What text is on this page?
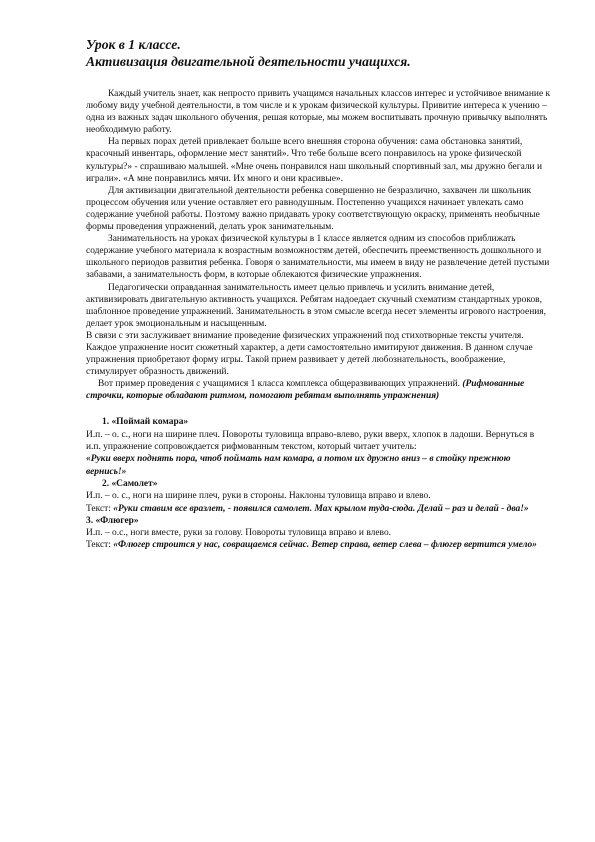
Урок в 1 классе.
Активизация двигательной деятельности учащихся.

Каждый учитель знает, как непросто привить учащимся начальных классов интерес и устойчивое внимание к любому виду учебной деятельности, в том числе и к урокам физической культуры. Привитие интереса к учению – одна из важных задач школьного обучения, решая которые, мы можем воспитывать прочную привычку выполнять необходимую работу.

На первых порах детей привлекает больше всего внешняя сторона обучения: сама обстановка занятий, красочный инвентарь, оформление мест занятий». Что тебе больше всего понравилось на уроке физической культуры?» - спрашиваю малышей. «Мне очень понравился наш школьный спортивный зал, мы дружно бегали и играли». «А мне понравились мячи. Их много и они красивые».

Для активизации двигательной деятельности ребенка совершенно не безразлично, захвачен ли школьник процессом обучения или учение оставляет его равнодушным. Постепенно учащихся начинает увлекать само содержание учебной работы. Поэтому важно придавать уроку соответствующую окраску, применять необычные формы проведения упражнений, делать урок занимательным.

Занимательность на уроках физической культуры в 1 классе является одним из способов приближать содержание учебного материала к возрастным возможностям детей, обеспечить преемственность дошкольного и школьного периодов развития ребенка. Говоря о занимательности, мы имеем в виду не развлечение детей пустыми забавами, а занимательность форм, в которые облекаются физические упражнения.

Педагогически оправданная занимательность имеет целью привлечь и усилить внимание детей, активизировать двигательную активность учащихся. Ребятам надоедает скучный схематизм стандартных уроков, шаблонное проведение упражнений. Занимательность в этом смысле всегда несет элементы игрового настроения, делает урок эмоциональным и насыщенным.

В связи с эти заслуживает внимание проведение физических упражнений под стихотворные тексты учителя. Каждое упражнение носит сюжетный характер, а дети самостоятельно имитируют движения. В данном случае упражнения приобретают форму игры. Такой прием развивает у детей любознательность, воображение, стимулирует образность движений.

Вот пример проведения с учащимися 1 класса комплекса общеразвивающих упражнений. (Рифмованные строчки, которые обладают ритмом, помогают ребятам выполнять упражнения)

1. «Поймай комара»

И.п. – о. с., ноги на ширине плеч. Повороты туловища вправо-влево, руки вверх, хлопок в ладоши. Вернуться в и.п. упражнение сопровождается рифмованным текстом, который читает учитель:

«Руки вверх поднять пора, чтоб поймать нам комара, а потом их дружно вниз – в стойку прежнюю вернись!»

2. «Самолет»

И.п. – о. с., ноги на ширине плеч, руки в стороны. Наклоны туловища вправо и влево.

Текст: «Руки ставим все вразлет, - появился самолет. Мах крылом туда-сюда. Делай – раз и делай - два!»

3. «Флюгер»

И.п. – о.с., ноги вместе, руки за голову. Повороты туловища вправо и влево.

Текст: «Флюгер строится у нас, совращаемся сейчас. Ветер справа, ветер слева – флюгер вертится умело»
